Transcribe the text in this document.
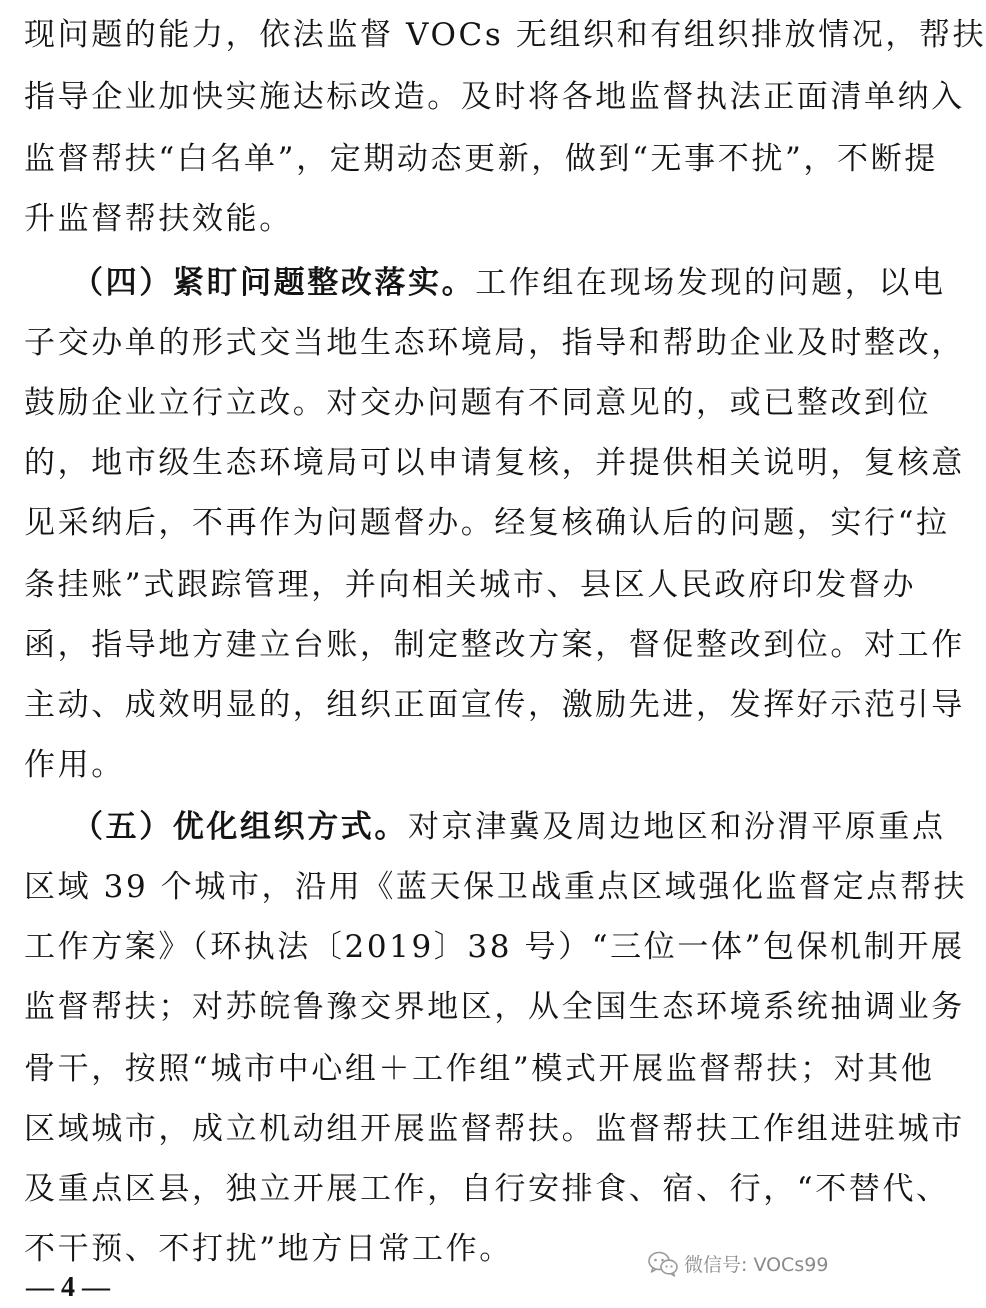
现问题的能力，依法监督 VOCs 无组织和有组织排放情况，帮扶
指导企业加快实施达标改造。及时将各地监督执法正面清单纳入
监督帮扶“白名单”，定期动态更新，做到“无事不扰”，不断提
升监督帮扶效能。
（四）紧盯问题整改落实。工作组在现场发现的问题，以电
子交办单的形式交当地生态环境局，指导和帮助企业及时整改，
鼓励企业立行立改。对交办问题有不同意见的，或已整改到位
的，地市级生态环境局可以申请复核，并提供相关说明，复核意
见采纳后，不再作为问题督办。经复核确认后的问题，实行“拉
条挂账”式跟踪管理，并向相关城市、县区人民政府印发督办
函，指导地方建立台账，制定整改方案，督促整改到位。对工作
主动、成效明显的，组织正面宣传，激励先进，发挥好示范引导
作用。
（五）优化组织方式。对京津冀及周边地区和汾渭平原重点
区域 39 个城市，沿用《蓝天保卫战重点区域强化监督定点帮扶
工作方案》（环执法〔2019〕38 号）“三位一体”包保机制开展
监督帮扶；对苏皖鲁豫交界地区，从全国生态环境系统抽调业务
骨干，按照“城市中心组＋工作组”模式开展监督帮扶；对其他
区域城市，成立机动组开展监督帮扶。监督帮扶工作组进驻城市
及重点区县，独立开展工作，自行安排食、宿、行，“不替代、
不干预、不打扰”地方日常工作。
— 4 —
微信号: VOCs99
